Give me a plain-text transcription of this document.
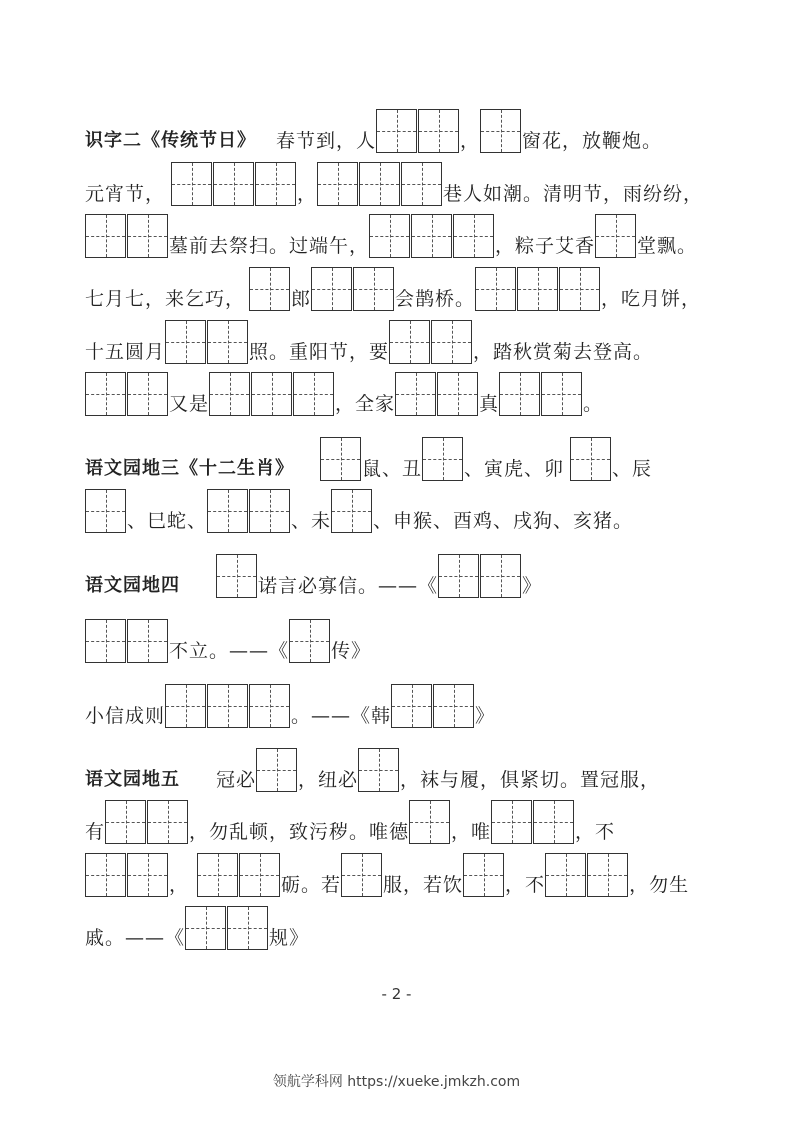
识字二《传统节日》 春节到，人	， 窗花，放鞭炮。
元宵节，	，	巷人如潮。清明节，雨纷纷，
墓前去祭扫。过端午，	，粽子艾香 堂飘。
七月七，来乞巧， 郎	会鹊桥。	，吃月饼，
十五圆月	照。重阳节，要	，踏秋赏菊去登高。
又是	，全家	真	。
语文园地三《十二生肖》	鼠、丑 、寅虎、卯	、辰
、巳蛇、	、未 、申猴、酉鸡、戌狗、亥猪。
语文园地四	诺言必寡信。——《	》
不立。——《 传》
小信成则	。——《韩	》
语文园地五 冠必 ，纽必 ，袜与履，俱紧切。置冠服，
有	，勿乱顿，致污秽。唯德 ，唯	，不
，	砺。若 服，若饮 ，不	，勿生
戚。——《	规》
- 2 -
领航学科网 https://xueke.jmkzh.com
